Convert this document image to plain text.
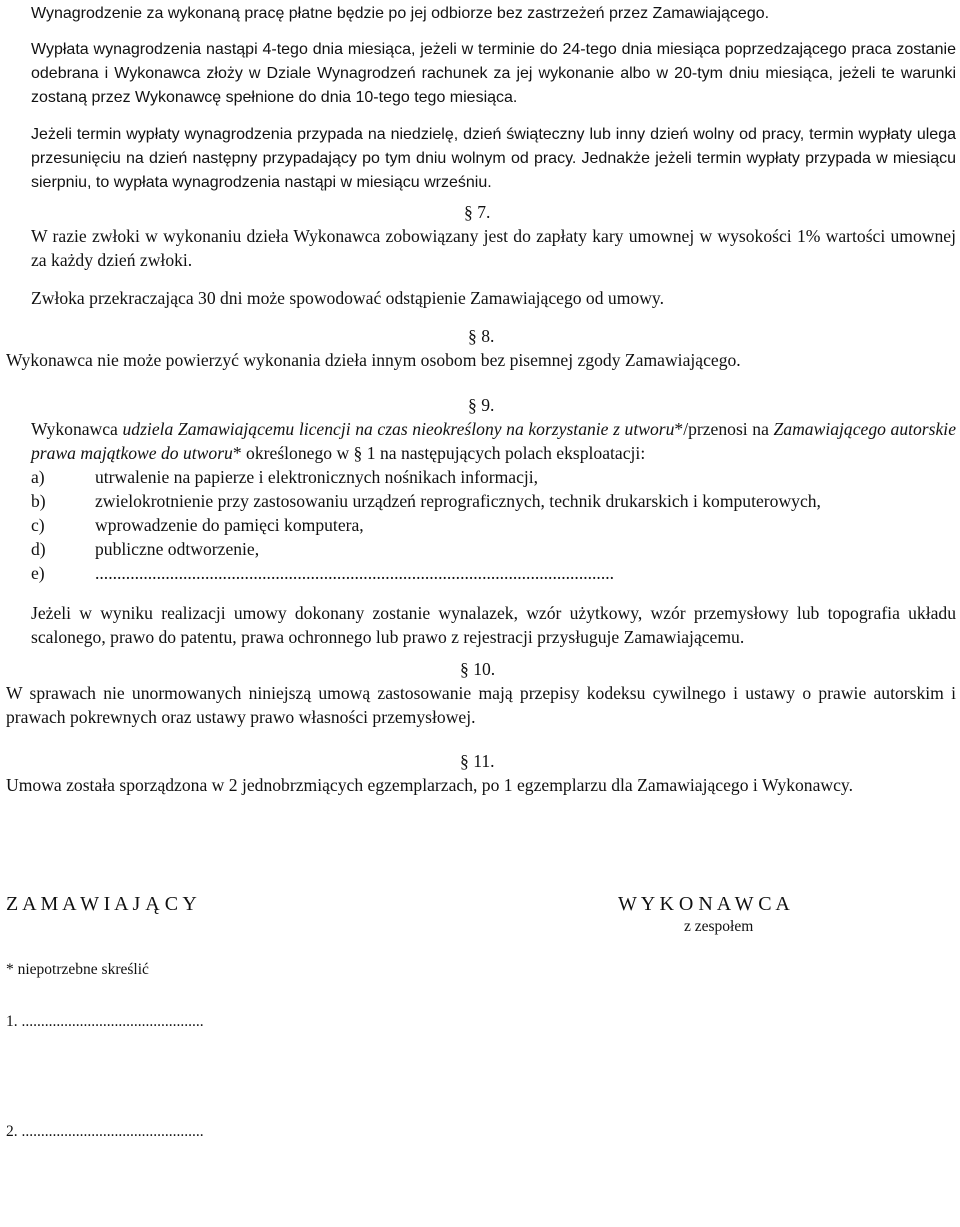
Wynagrodzenie za wykonaną pracę płatne będzie po jej odbiorze bez zastrzeżeń przez Zamawiającego.

Wypłata wynagrodzenia nastąpi 4-tego dnia miesiąca, jeżeli w terminie do 24-tego dnia miesiąca poprzedzającego praca zostanie odebrana i Wykonawca złoży w Dziale Wynagrodzeń rachunek za jej wykonanie albo w 20-tym dniu miesiąca, jeżeli te warunki zostaną przez Wykonawcę spełnione do dnia 10-tego tego miesiąca.

Jeżeli termin wypłaty wynagrodzenia przypada na niedzielę, dzień świąteczny lub inny dzień wolny od pracy, termin wypłaty ulega przesunięciu na dzień następny przypadający po tym dniu wolnym od pracy. Jednakże jeżeli termin wypłaty przypada w miesiącu sierpniu, to wypłata wynagrodzenia nastąpi w miesiącu wrześniu.

§ 7.

W razie zwłoki w wykonaniu dzieła Wykonawca zobowiązany jest do zapłaty kary umownej w wysokości 1% wartości umownej za każdy dzień zwłoki.

Zwłoka przekraczająca 30 dni może spowodować odstąpienie Zamawiającego od umowy.

§ 8.

Wykonawca nie może powierzyć wykonania dzieła innym osobom bez pisemnej zgody Zamawiającego.

§ 9.

Wykonawca udziela Zamawiającemu licencji na czas nieokreślony na korzystanie z utworu*/przenosi na Zamawiającego autorskie prawa majątkowe do utworu* określonego w § 1 na następujących polach eksploatacji:

a)	utrwalenie na papierze i elektronicznych nośnikach informacji,
b)	zwielokrotnienie przy zastosowaniu urządzeń reprograficznych, technik drukarskich i komputerowych,
c)	wprowadzenie do pamięci komputera,
d)	publiczne odtworzenie,
e)	......................................................................................................................

Jeżeli w wyniku realizacji umowy dokonany zostanie wynalazek, wzór użytkowy, wzór przemysłowy lub topografia układu scalonego, prawo do patentu, prawa ochronnego lub prawo z rejestracji przysługuje Zamawiającemu.

§ 10.

W sprawach nie unormowanych niniejszą umową zastosowanie mają przepisy kodeksu cywilnego i ustawy o prawie autorskim i prawach pokrewnych oraz ustawy prawo własności przemysłowej.

§ 11.

Umowa została sporządzona w 2 jednobrzmiących egzemplarzach, po 1 egzemplarzu dla Zamawiającego i Wykonawcy.

Z A M A W I A J Ą C Y	W Y K O N A W C A
z zespołem

* niepotrzebne skreślić

1. ...............................................

2. ...............................................
